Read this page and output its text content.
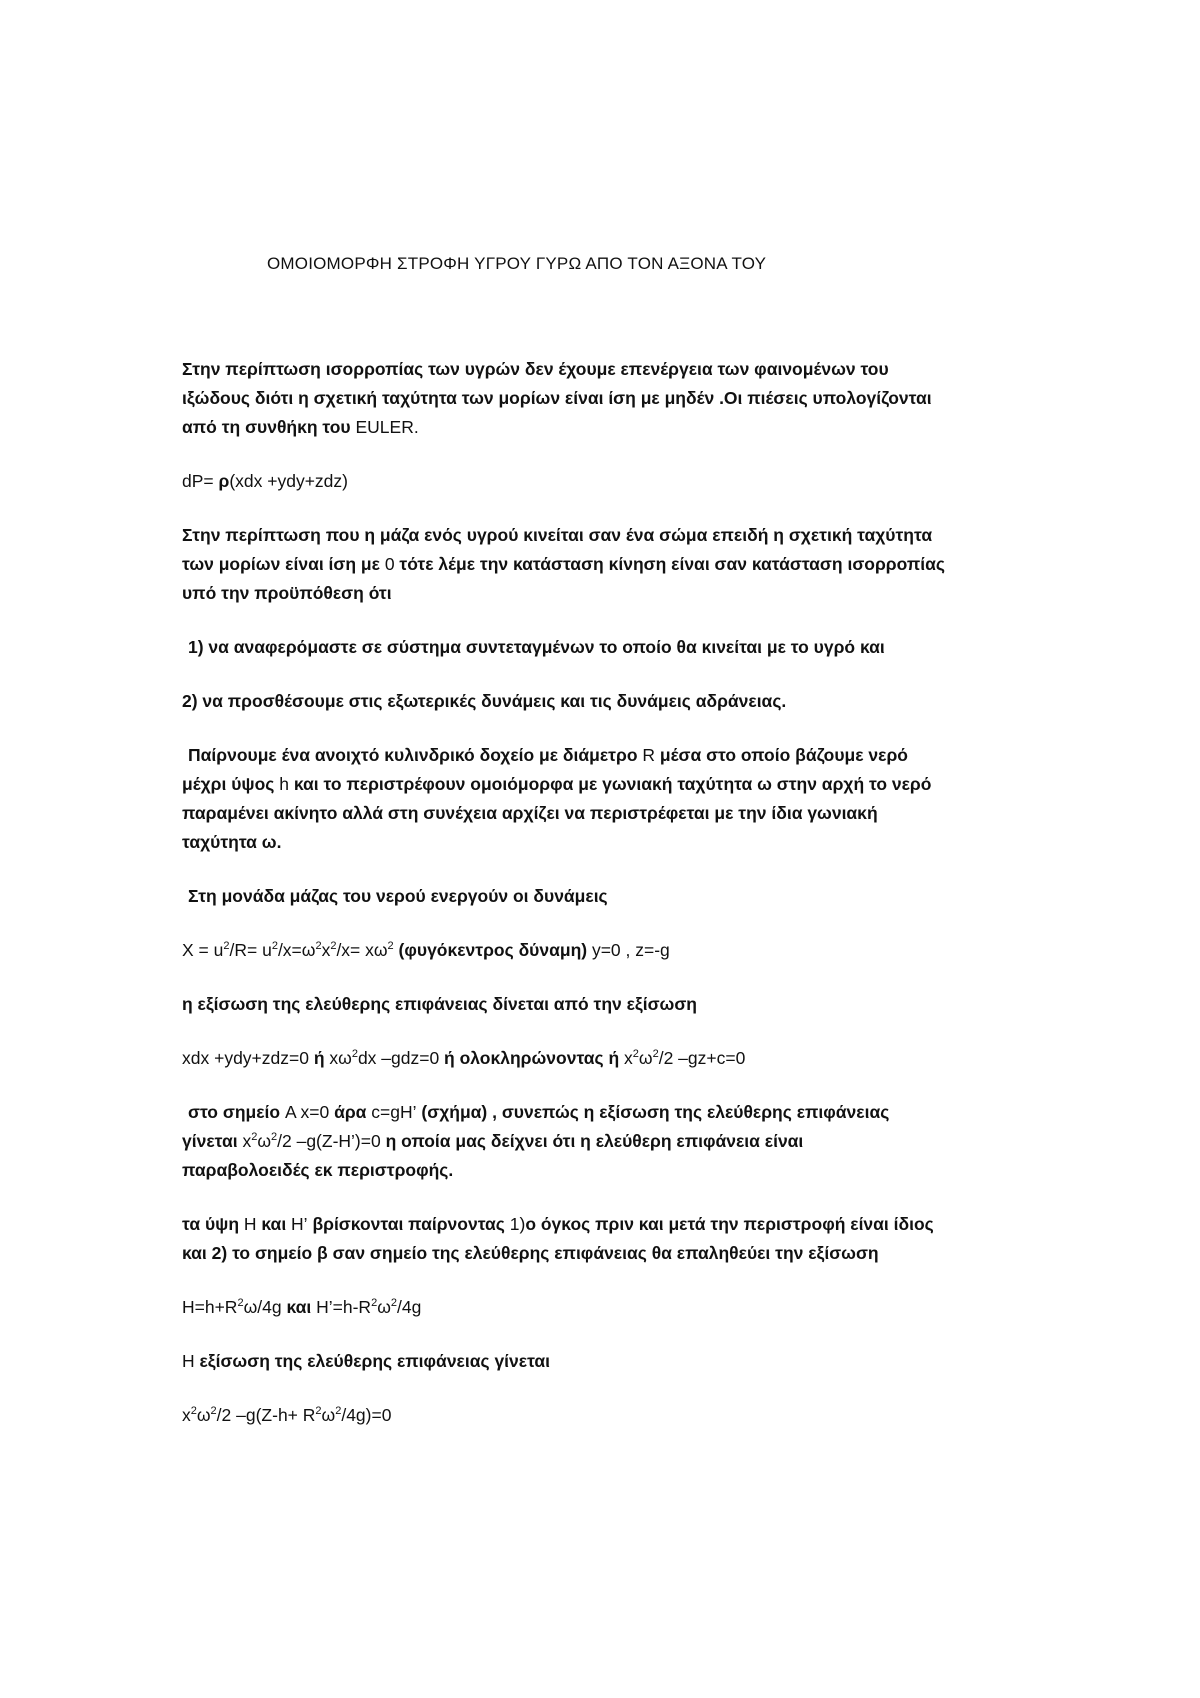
ΟΜΟΙΟΜΟΡΦΗ ΣΤΡΟΦΗ ΥΓΡΟΥ ΓΥΡΩ ΑΠΟ ΤΟΝ ΑΞΟΝΑ ΤΟΥ
Στην περίπτωση ισορροπίας των υγρών δεν έχουμε επενέργεια των φαινομένων του
ιξώδους διότι η σχετική ταχύτητα των μορίων είναι ίση με μηδέν .Οι πιέσεις υπολογίζονται
από τη συνθήκη του EULER.
dP= ρ(xdx +ydy+zdz)
Στην περίπτωση που η μάζα ενός υγρού κινείται σαν ένα σώμα επειδή η σχετική ταχύτητα
των μορίων είναι ίση με 0 τότε λέμε την κατάσταση κίνηση είναι σαν κατάσταση ισορροπίας
υπό την προϋπόθεση ότι
1) να αναφερόμαστε σε σύστημα συντεταγμένων το οποίο θα κινείται με το υγρό και
2) να προσθέσουμε στις εξωτερικές δυνάμεις και τις δυνάμεις αδράνειας.
Παίρνουμε ένα ανοιχτό κυλινδρικό δοχείο με διάμετρο R μέσα στο οποίο βάζουμε νερό
μέχρι ύψος h και το περιστρέφουν ομοιόμορφα με γωνιακή ταχύτητα ω στην αρχή το νερό
παραμένει ακίνητο αλλά στη συνέχεια αρχίζει να περιστρέφεται με την ίδια γωνιακή
ταχύτητα ω.
Στη μονάδα μάζας του νερού ενεργούν οι δυνάμεις
$X = u^2/R= u^2/x=\omega^2x^2/x= x\omega^2$ (φυγόκεντρος δύναμη) y=0 , z=-g
η εξίσωση της ελεύθερης επιφάνειας δίνεται από την εξίσωση
xdx +ydy+zdz=0 ή $x\omega^2dx$ –gdz=0 ή ολοκληρώνοντας ή $x^2\omega^2/2$ –gz+c=0
στο σημείο A x=0 άρα c=gH’ (σχήμα) , συνεπώς η εξίσωση της ελεύθερης επιφάνειας
γίνεται $x^2\omega^2/2$ –g(Z-H’)=0 η οποία μας δείχνει ότι η ελεύθερη επιφάνεια είναι
παραβολοειδές εκ περιστροφής.
τα ύψη H και H’ βρίσκονται παίρνοντας 1)ο όγκος πριν και μετά την περιστροφή είναι ίδιος
και 2) το σημείο β σαν σημείο της ελεύθερης επιφάνειας θα επαληθεύει την εξίσωση
$H=h+R^2\omega/4g$ και $H’=h-R^2\omega^2/4g$
H εξίσωση της ελεύθερης επιφάνειας γίνεται
$x^2\omega^2/2$ $-g(Z-h+ R^2\omega^2/4g)=0$
